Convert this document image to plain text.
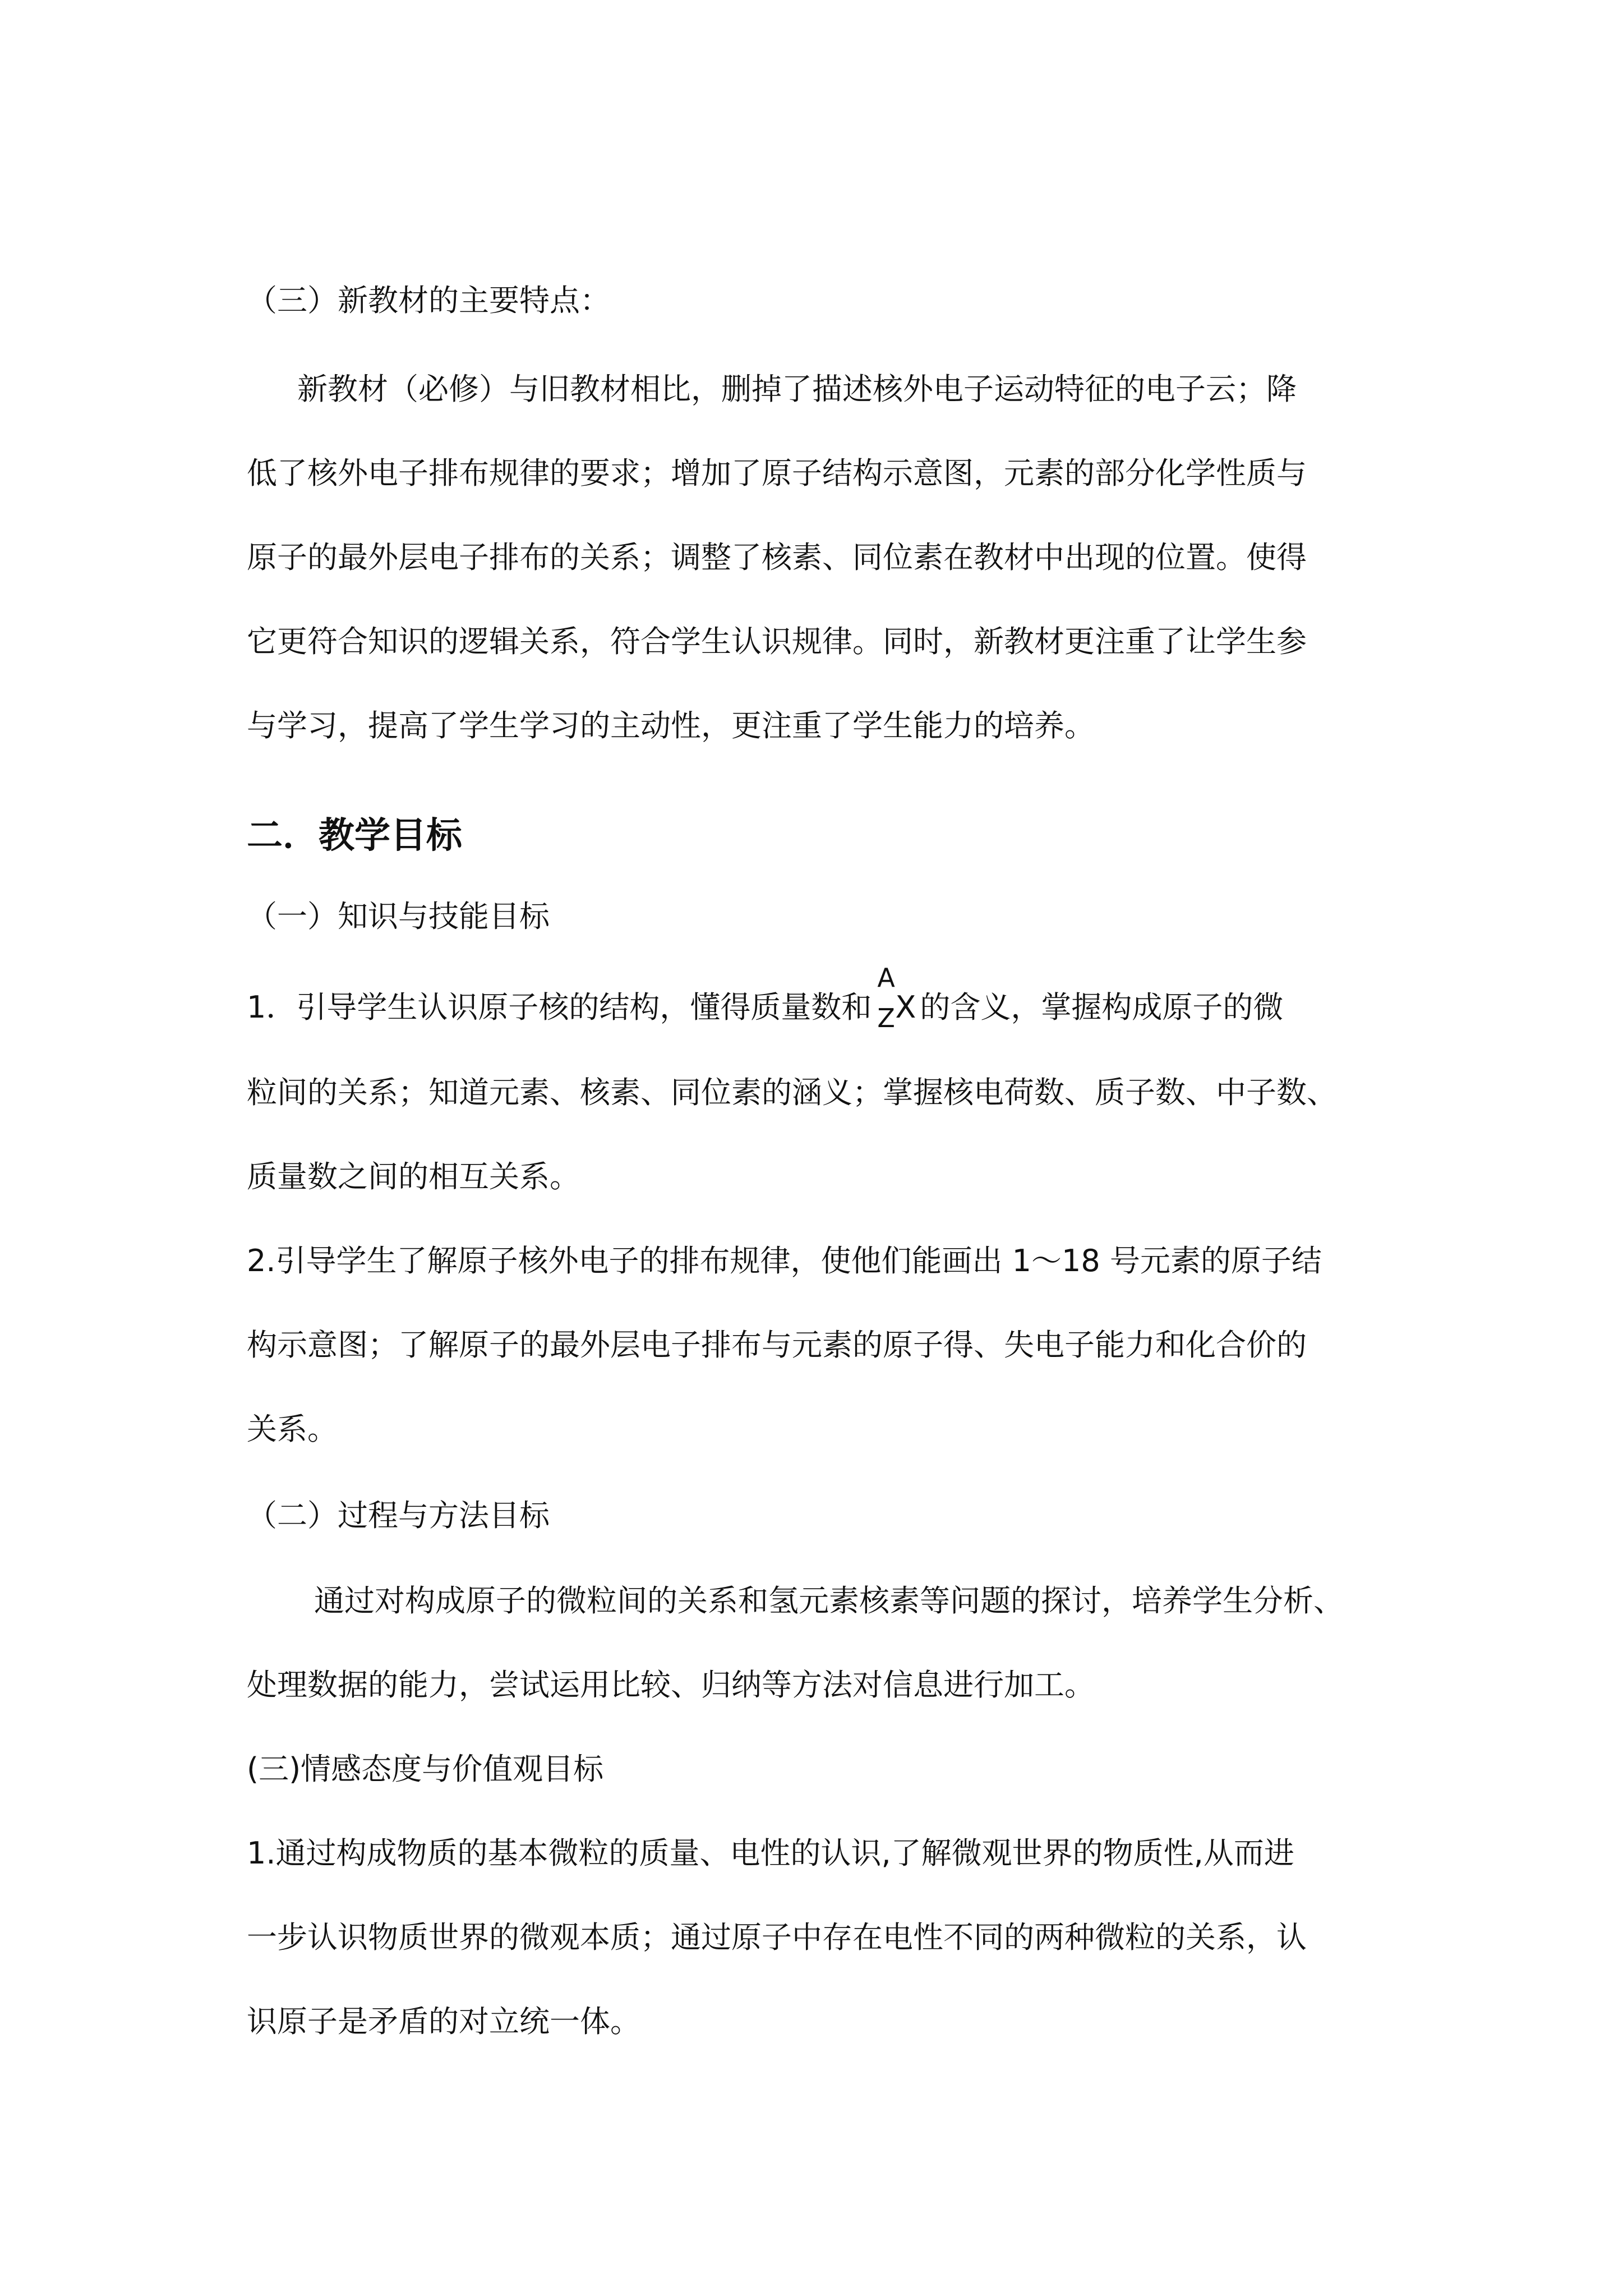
（三）新教材的主要特点：
新教材（必修）与旧教材相比，删掉了描述核外电子运动特征的电子云；降
低了核外电子排布规律的要求；增加了原子结构示意图，元素的部分化学性质与
原子的最外层电子排布的关系；调整了核素、同位素在教材中出现的位置。使得
它更符合知识的逻辑关系，符合学生认识规律。同时，新教材更注重了让学生参
与学习，提高了学生学习的主动性，更注重了学生能力的培养。
二．教学目标
（一）知识与技能目标
1．引导学生认识原子核的结构，懂得质量数和
A
Z X 的含义，掌握构成原子的微
粒间的关系；知道元素、核素、同位素的涵义；掌握核电荷数、质子数、中子数、
质量数之间的相互关系。
2.引导学生了解原子核外电子的排布规律，使他们能画出 1～18 号元素的原子结
构示意图；了解原子的最外层电子排布与元素的原子得、失电子能力和化合价的
关系。
（二）过程与方法目标
通过对构成原子的微粒间的关系和氢元素核素等问题的探讨，培养学生分析、
处理数据的能力，尝试运用比较、归纳等方法对信息进行加工。
(三)情感态度与价值观目标
1.通过构成物质的基本微粒的质量、电性的认识,了解微观世界的物质性,从而进
一步认识物质世界的微观本质；通过原子中存在电性不同的两种微粒的关系，认
识原子是矛盾的对立统一体。
